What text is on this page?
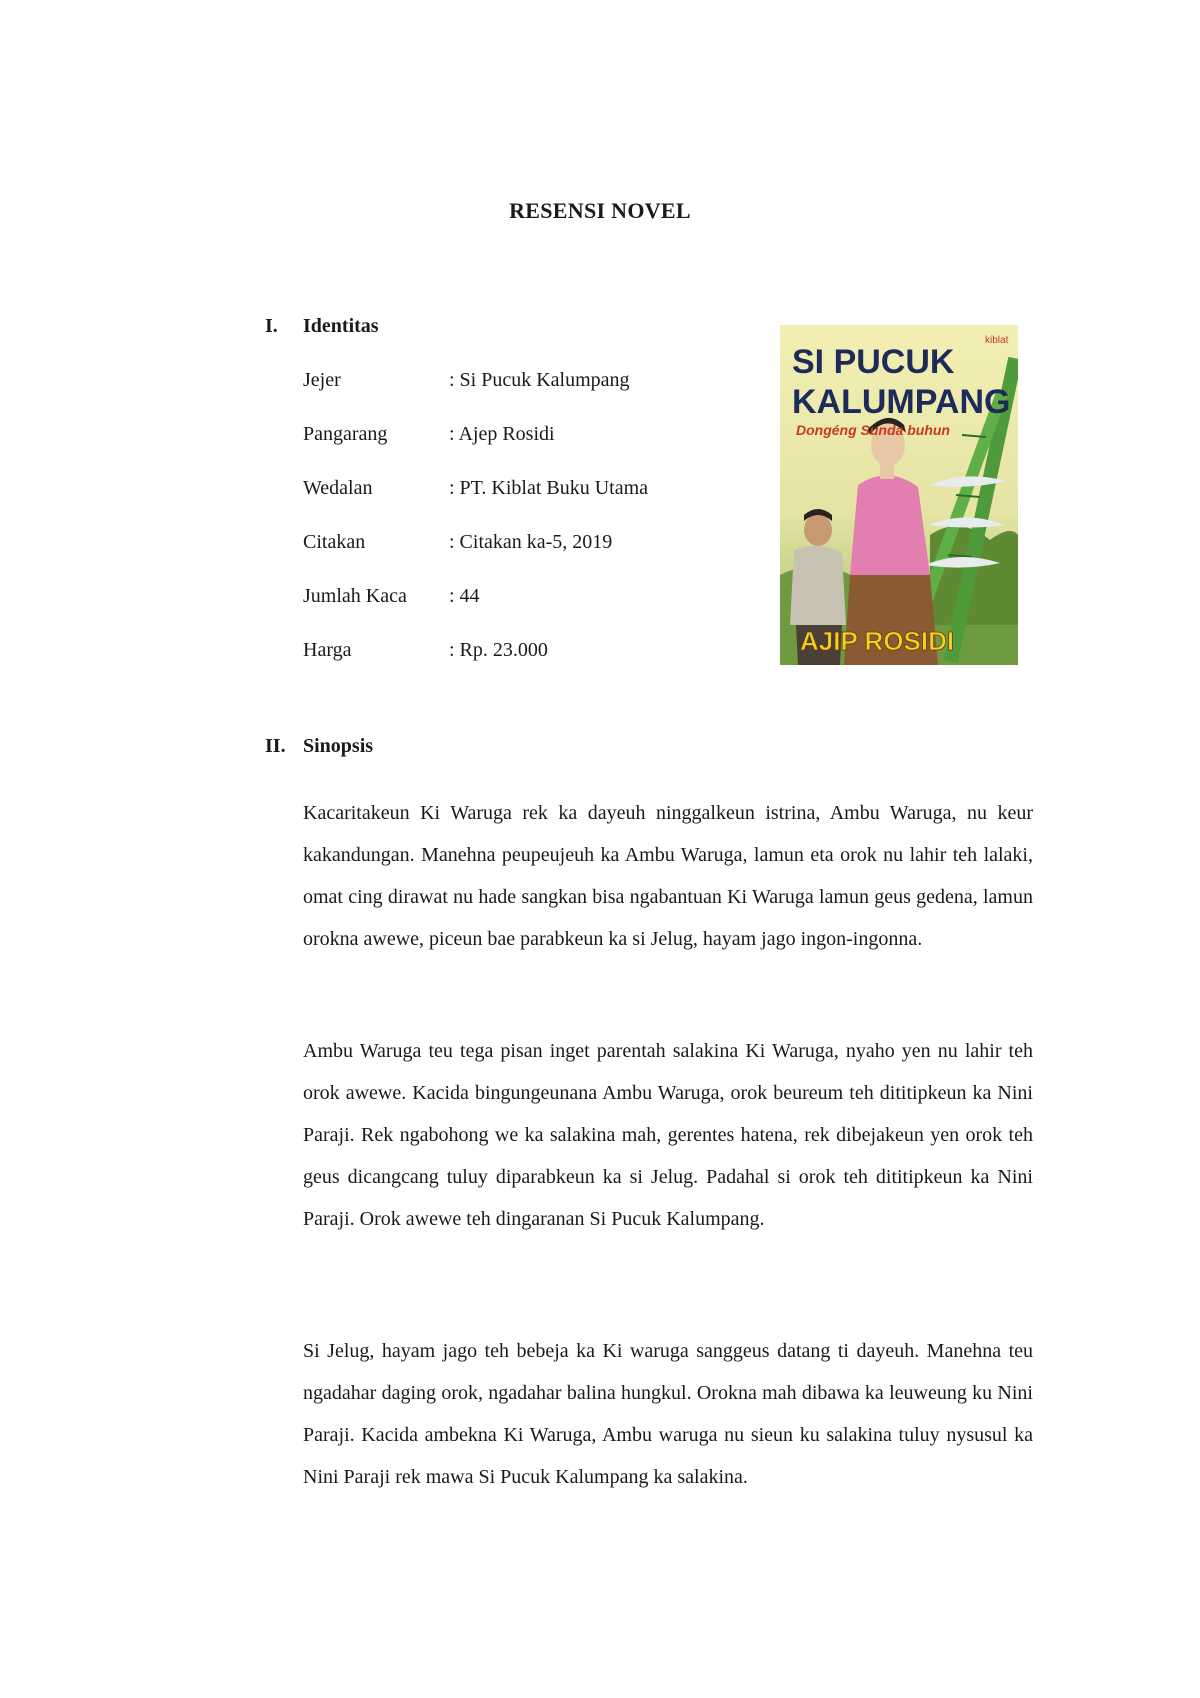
RESENSI NOVEL
I. Identitas
Jejer	: Si Pucuk Kalumpang
Pangarang	: Ajep Rosidi
Wedalan	: PT. Kiblat Buku Utama
Citakan	: Citakan ka-5, 2019
Jumlah Kaca : 44
Harga	: Rp. 23.000
SI PUCUK
KALUMPANG
Dongéng Sunda buhun
kiblat
AJIP ROSIDI
II. Sinopsis

Kacaritakeun Ki Waruga rek ka dayeuh ninggalkeun istrina, Ambu Waruga, nu keur kakandungan. Manehna peupeujeuh ka Ambu Waruga, lamun eta orok nu lahir teh lalaki, omat cing dirawat nu hade sangkan bisa ngabantuan Ki Waruga lamun geus gedena, lamun orokna awewe, piceun bae parabkeun ka si Jelug, hayam jago ingon-ingonna.

Ambu Waruga teu tega pisan inget parentah salakina Ki Waruga, nyaho yen nu lahir teh orok awewe. Kacida bingungeunana Ambu Waruga, orok beureum teh dititipkeun ka Nini Paraji. Rek ngabohong we ka salakina mah, gerentes hatena, rek dibejakeun yen orok teh geus dicangcang tuluy diparabkeun ka si Jelug. Padahal si orok teh dititipkeun ka Nini Paraji. Orok awewe teh dingaranan Si Pucuk Kalumpang.

Si Jelug, hayam jago teh bebeja ka Ki waruga sanggeus datang ti dayeuh. Manehna teu ngadahar daging orok, ngadahar balina hungkul. Orokna mah dibawa ka leuweung ku Nini Paraji. Kacida ambekna Ki Waruga, Ambu waruga nu sieun ku salakina tuluy nysusul ka Nini Paraji rek mawa Si Pucuk Kalumpang ka salakina.
